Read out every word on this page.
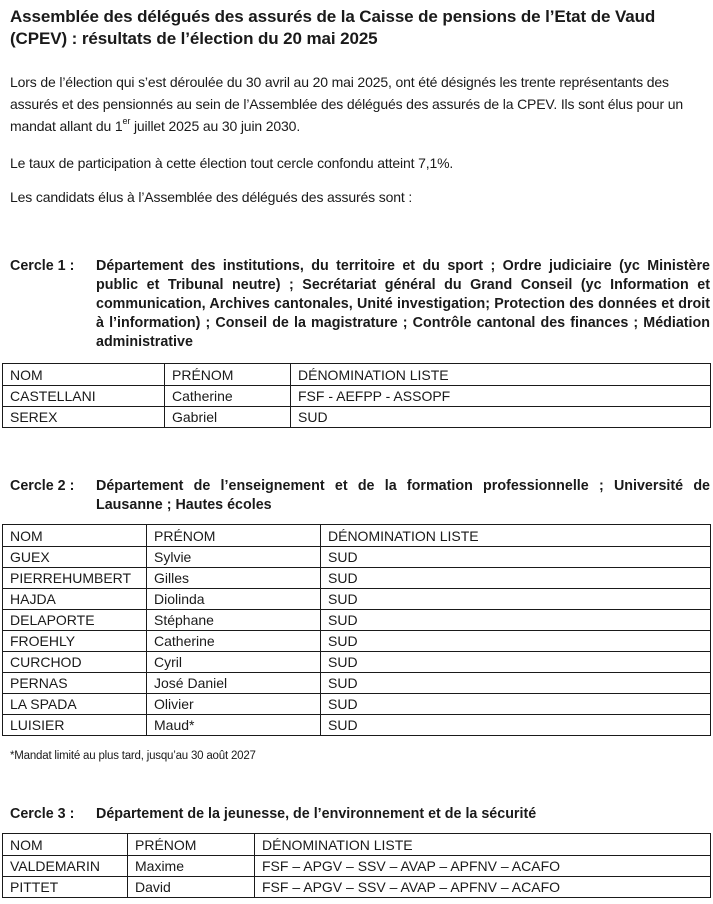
Assemblée des délégués des assurés de la Caisse de pensions de l’Etat de Vaud (CPEV) : résultats de l’élection du 20 mai 2025
Lors de l’élection qui s’est déroulée du 30 avril au 20 mai 2025, ont été désignés les trente représentants des assurés et des pensionnés au sein de l’Assemblée des délégués des assurés de la CPEV. Ils sont élus pour un mandat allant du 1er juillet 2025 au 30 juin 2030.
Le taux de participation à cette élection tout cercle confondu atteint 7,1%.
Les candidats élus à l’Assemblée des délégués des assurés sont :
Cercle 1 : Département des institutions, du territoire et du sport ; Ordre judiciaire (yc Ministère public et Tribunal neutre) ; Secrétariat général du Grand Conseil (yc Information et communication, Archives cantonales, Unité investigation; Protection des données et droit à l’information) ; Conseil de la magistrature ; Contrôle cantonal des finances ; Médiation administrative
NOM	PRÉNOM	DÉNOMINATION LISTE
CASTELLANI	Catherine	FSF - AEFPP - ASSOPF
SEREX	Gabriel	SUD
Cercle 2 : Département de l’enseignement et de la formation professionnelle ; Université de Lausanne ; Hautes écoles
NOM	PRÉNOM	DÉNOMINATION LISTE
GUEX	Sylvie	SUD
PIERREHUMBERT	Gilles	SUD
HAJDA	Diolinda	SUD
DELAPORTE	Stéphane	SUD
FROEHLY	Catherine	SUD
CURCHOD	Cyril	SUD
PERNAS	José Daniel	SUD
LA SPADA	Olivier	SUD
LUISIER	Maud*	SUD
*Mandat limité au plus tard, jusqu’au 30 août 2027
Cercle 3 : Département de la jeunesse, de l’environnement et de la sécurité
NOM	PRÉNOM	DÉNOMINATION LISTE
VALDEMARIN	Maxime	FSF – APGV – SSV – AVAP – APFNV – ACAFO
PITTET	David	FSF – APGV – SSV – AVAP – APFNV – ACAFO
